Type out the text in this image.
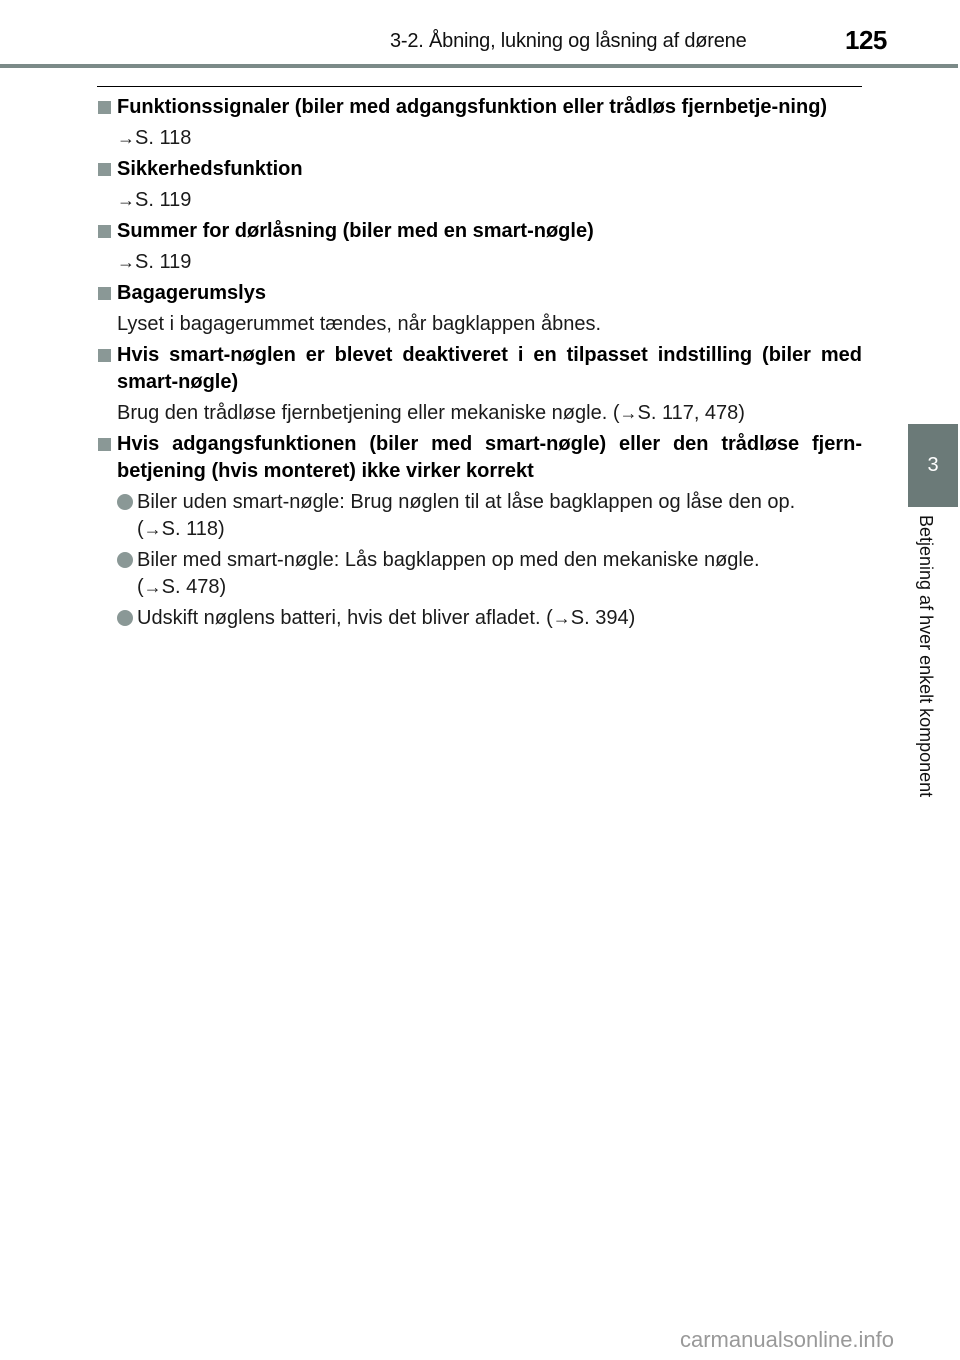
3-2. Åbning, lukning og låsning af dørene	125
3
Betjening af hver enkelt komponent
Funktionssignaler (biler med adgangsfunktion eller trådløs fjernbetje-ning)
→S. 118
Sikkerhedsfunktion
→S. 119
Summer for dørlåsning (biler med en smart-nøgle)
→S. 119
Bagagerumslys
Lyset i bagagerummet tændes, når bagklappen åbnes.
Hvis smart-nøglen er blevet deaktiveret i en tilpasset indstilling (biler med smart-nøgle)
Brug den trådløse fjernbetjening eller mekaniske nøgle. (→S. 117, 478)
Hvis adgangsfunktionen (biler med smart-nøgle) eller den trådløse fjern-betjening (hvis monteret) ikke virker korrekt
Biler uden smart-nøgle: Brug nøglen til at låse bagklappen og låse den op.
(→S. 118)
Biler med smart-nøgle: Lås bagklappen op med den mekaniske nøgle.
(→S. 478)
Udskift nøglens batteri, hvis det bliver afladet. (→S. 394)
carmanualsonline.info
